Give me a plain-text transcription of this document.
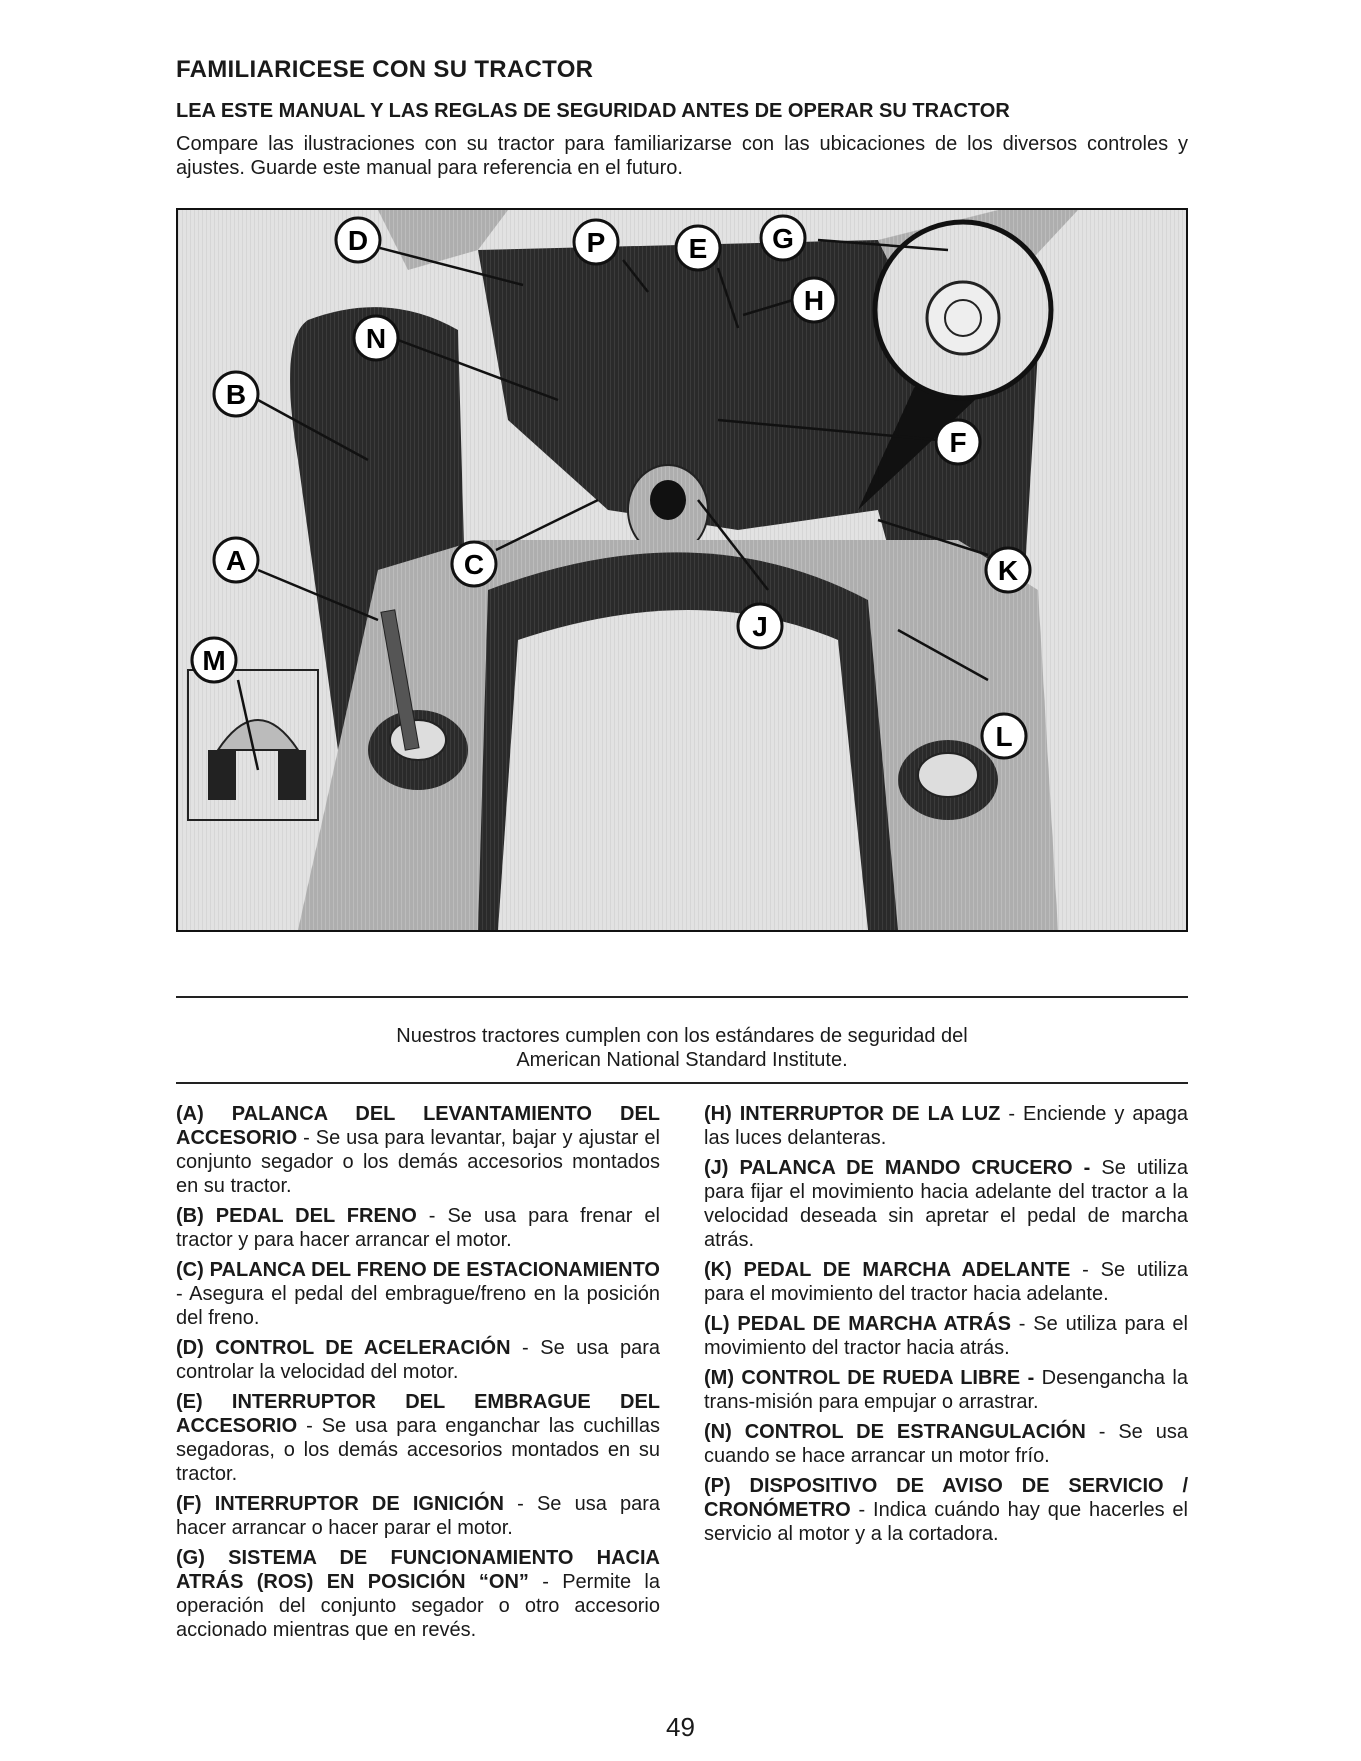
FAMILIARICESE CON SU TRACTOR
LEA ESTE MANUAL Y LAS REGLAS DE SEGURIDAD ANTES DE OPERAR SU TRACTOR
Compare las ilustraciones con su tractor para familiarizarse con las ubicaciones de los diversos controles y ajustes. Guarde este manual para referencia en el futuro.
A
B
C
D	E
F
G
H
J
K
L
M
N
P
Nuestros tractores cumplen con los estándares de seguridad del
American National Standard Institute.

(A) PALANCA DEL LEVANTAMIENTO DEL ACCESORIO - Se usa para levantar, bajar y ajustar el conjunto segador o los demás accesorios montados en su tractor.

(B) PEDAL DEL FRENO - Se usa para frenar el tractor y para hacer arrancar el motor.

(C) PALANCA DEL FRENO DE ESTACIONAMIENTO - Asegura el pedal del embrague/freno en la posición del freno.

(D) CONTROL DE ACELERACIÓN - Se usa para controlar la velocidad del motor.

(E) INTERRUPTOR DEL EMBRAGUE DEL ACCESORIO - Se usa para enganchar las cuchillas segadoras, o los demás accesorios montados en su tractor.

(F) INTERRUPTOR DE IGNICIÓN - Se usa para hacer arrancar o hacer parar el motor.

(G) SISTEMA DE FUNCIONAMIENTO HACIA ATRÁS (ROS) EN POSICIÓN “ON” - Permite la operación del conjunto segador o otro accesorio accionado mientras que en revés.

(H) INTERRUPTOR DE LA LUZ - Enciende y apaga las luces delanteras.

(J) PALANCA DE MANDO CRUCERO - Se utiliza para fijar el movimiento hacia adelante del tractor a la velocidad deseada sin apretar el pedal de marcha atrás.

(K) PEDAL DE MARCHA ADELANTE - Se utiliza para el movimiento del tractor hacia adelante.

(L) PEDAL DE MARCHA ATRÁS - Se utiliza para el movimiento del tractor hacia atrás.

(M) CONTROL DE RUEDA LIBRE - Desengancha la trans-misión para empujar o arrastrar.

(N) CONTROL DE ESTRANGULACIÓN - Se usa cuando se hace arrancar un motor frío.

(P) DISPOSITIVO DE AVISO DE SERVICIO / CRONÓMETRO - Indica cuándo hay que hacerles el servicio al motor y a la cortadora.

49
